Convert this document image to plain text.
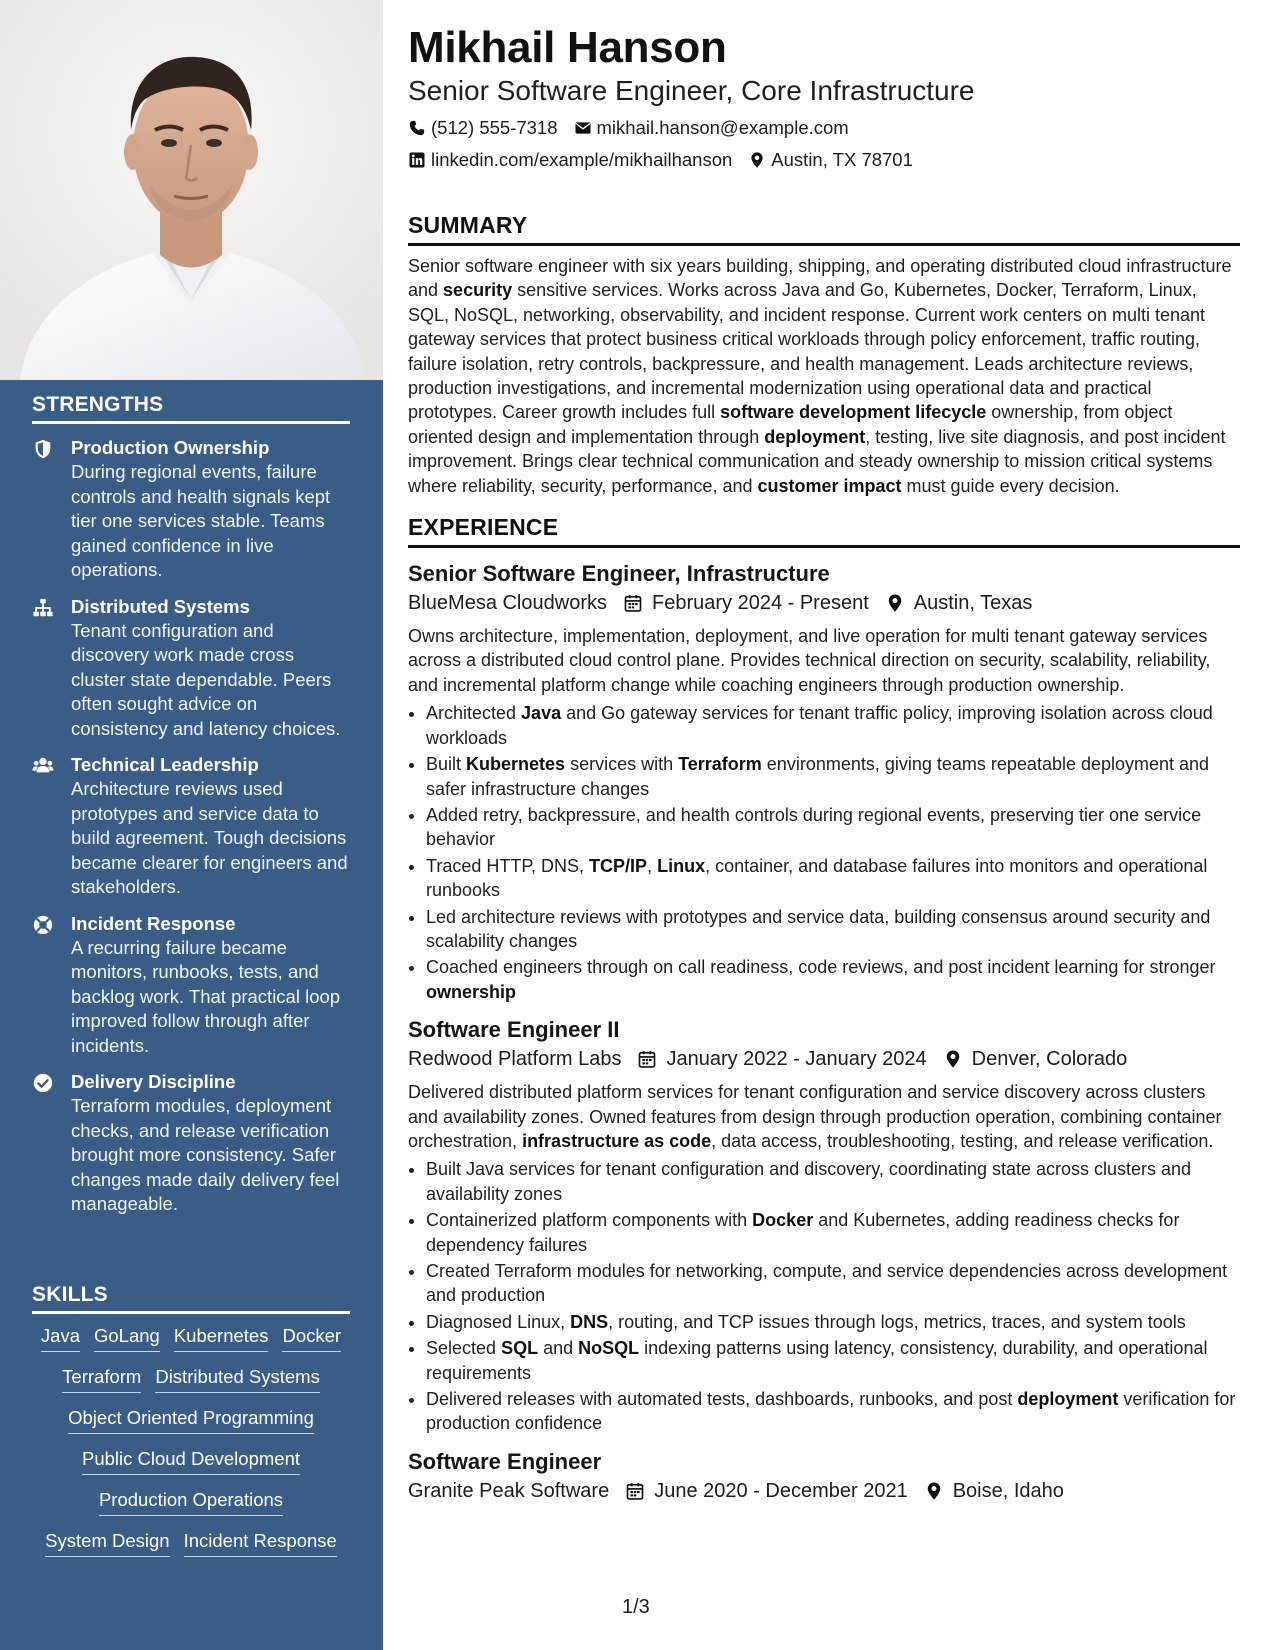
STRENGTHS
Production Ownership
During regional events, failure controls and health signals kept tier one services stable. Teams gained confidence in live operations.
Distributed Systems
Tenant configuration and discovery work made cross cluster state dependable. Peers often sought advice on consistency and latency choices.
Technical Leadership
Architecture reviews used prototypes and service data to build agreement. Tough decisions became clearer for engineers and stakeholders.
Incident Response
A recurring failure became monitors, runbooks, tests, and backlog work. That practical loop improved follow through after incidents.
Delivery Discipline
Terraform modules, deployment checks, and release verification brought more consistency. Safer changes made daily delivery feel manageable.
SKILLS
Java GoLang Kubernetes Docker
Terraform Distributed Systems
Object Oriented Programming
Public Cloud Development
Production Operations
System Design Incident Response
Mikhail Hanson
Senior Software Engineer, Core Infrastructure
(512) 555-7318 mikhail.hanson@example.com
linkedin.com/example/mikhailhanson Austin, TX 78701
SUMMARY
Senior software engineer with six years building, shipping, and operating distributed cloud infrastructure and security sensitive services. Works across Java and Go, Kubernetes, Docker, Terraform, Linux, SQL, NoSQL, networking, observability, and incident response. Current work centers on multi tenant gateway services that protect business critical workloads through policy enforcement, traffic routing, failure isolation, retry controls, backpressure, and health management. Leads architecture reviews, production investigations, and incremental modernization using operational data and practical prototypes. Career growth includes full software development lifecycle ownership, from object oriented design and implementation through deployment, testing, live site diagnosis, and post incident improvement. Brings clear technical communication and steady ownership to mission critical systems where reliability, security, performance, and customer impact must guide every decision.
EXPERIENCE
Senior Software Engineer, Infrastructure
BlueMesa Cloudworks February 2024 - Present Austin, Texas
Owns architecture, implementation, deployment, and live operation for multi tenant gateway services across a distributed cloud control plane. Provides technical direction on security, scalability, reliability, and incremental platform change while coaching engineers through production ownership.
• Architected Java and Go gateway services for tenant traffic policy, improving isolation across cloud workloads
• Built Kubernetes services with Terraform environments, giving teams repeatable deployment and safer infrastructure changes
• Added retry, backpressure, and health controls during regional events, preserving tier one service behavior
• Traced HTTP, DNS, TCP/IP, Linux, container, and database failures into monitors and operational runbooks
• Led architecture reviews with prototypes and service data, building consensus around security and scalability changes
• Coached engineers through on call readiness, code reviews, and post incident learning for stronger ownership
Software Engineer II
Redwood Platform Labs January 2022 - January 2024 Denver, Colorado
Delivered distributed platform services for tenant configuration and service discovery across clusters and availability zones. Owned features from design through production operation, combining container orchestration, infrastructure as code, data access, troubleshooting, testing, and release verification.
• Built Java services for tenant configuration and discovery, coordinating state across clusters and availability zones
• Containerized platform components with Docker and Kubernetes, adding readiness checks for dependency failures
• Created Terraform modules for networking, compute, and service dependencies across development and production
• Diagnosed Linux, DNS, routing, and TCP issues through logs, metrics, traces, and system tools
• Selected SQL and NoSQL indexing patterns using latency, consistency, durability, and operational requirements
• Delivered releases with automated tests, dashboards, runbooks, and post deployment verification for production confidence
Software Engineer
Granite Peak Software June 2020 - December 2021 Boise, Idaho
1/3
